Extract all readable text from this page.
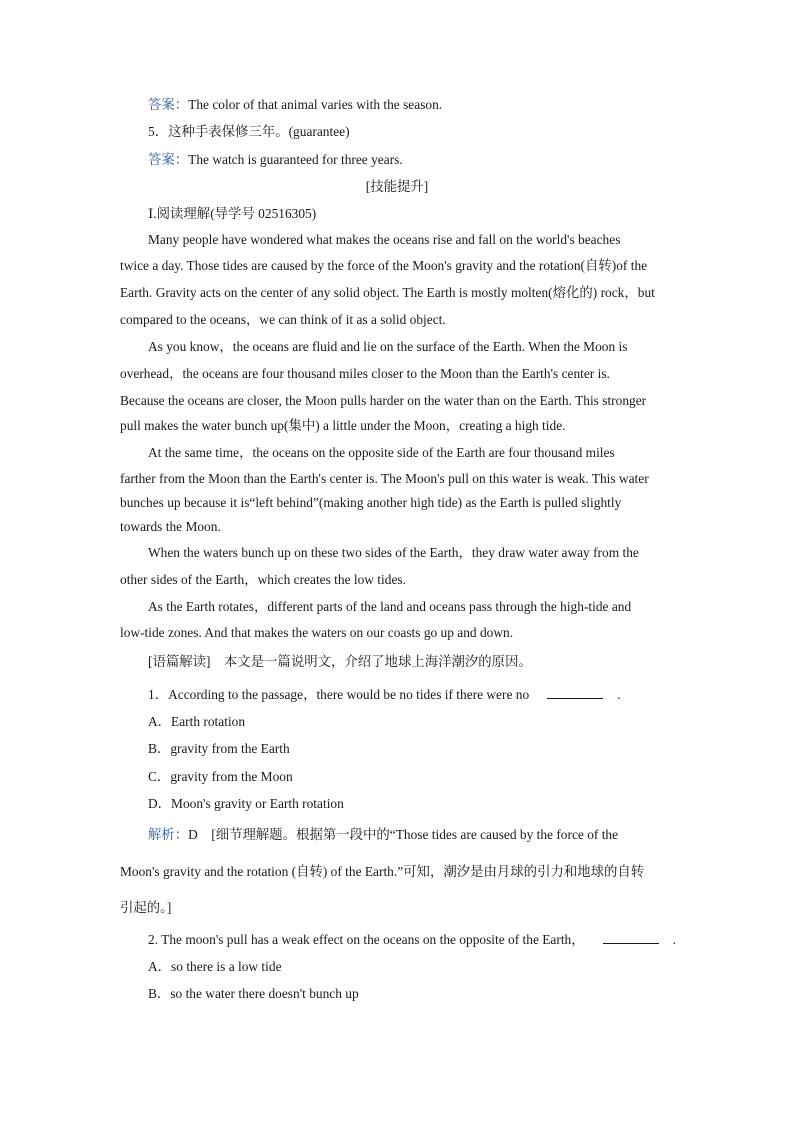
答案：The color of that animal varies with the season.
5．这种手表保修三年。(guarantee)
答案：The watch is guaranteed for three years.
[技能提升]
Ⅰ.阅读理解(导学号 02516305)
Many people have wondered what makes the oceans rise and fall on the world's beaches
twice a day. Those tides are caused by the force of the Moon's gravity and the rotation(自转)of the
Earth. Gravity acts on the center of any solid object. The Earth is mostly molten(熔化的) rock，but
compared to the oceans，we can think of it as a solid object.
As you know，the oceans are fluid and lie on the surface of the Earth. When the Moon is
overhead，the oceans are four thousand miles closer to the Moon than the Earth's center is.
Because the oceans are closer, the Moon pulls harder on the water than on the Earth. This stronger
pull makes the water bunch up(集中) a little under the Moon，creating a high tide.
At the same time，the oceans on the opposite side of the Earth are four thousand miles
farther from the Moon than the Earth's center is. The Moon's pull on this water is weak. This water
bunches up because it is“left behind”(making another high tide) as the Earth is pulled slightly
towards the Moon.
When the waters bunch up on these two sides of the Earth，they draw water away from the
other sides of the Earth，which creates the low tides.
As the Earth rotates，different parts of the land and oceans pass through the high-tide and
low-tide zones. And that makes the waters on our coasts go up and down.
[语篇解读]　本文是一篇说明文，介绍了地球上海洋潮汐的原因。
1．According to the passage，there would be no tides if there were no	.
A．Earth rotation
B．gravity from the Earth
C．gravity from the Moon
D．Moon's gravity or Earth rotation
解析：D　[细节理解题。根据第一段中的“Those tides are caused by the force of the
Moon's gravity and the rotation (自转) of the Earth.”可知，潮汐是由月球的引力和地球的自转
引起的。]
2. The moon's pull has a weak effect on the oceans on the opposite of the Earth，	.
A．so there is a low tide
B．so the water there doesn't bunch up
